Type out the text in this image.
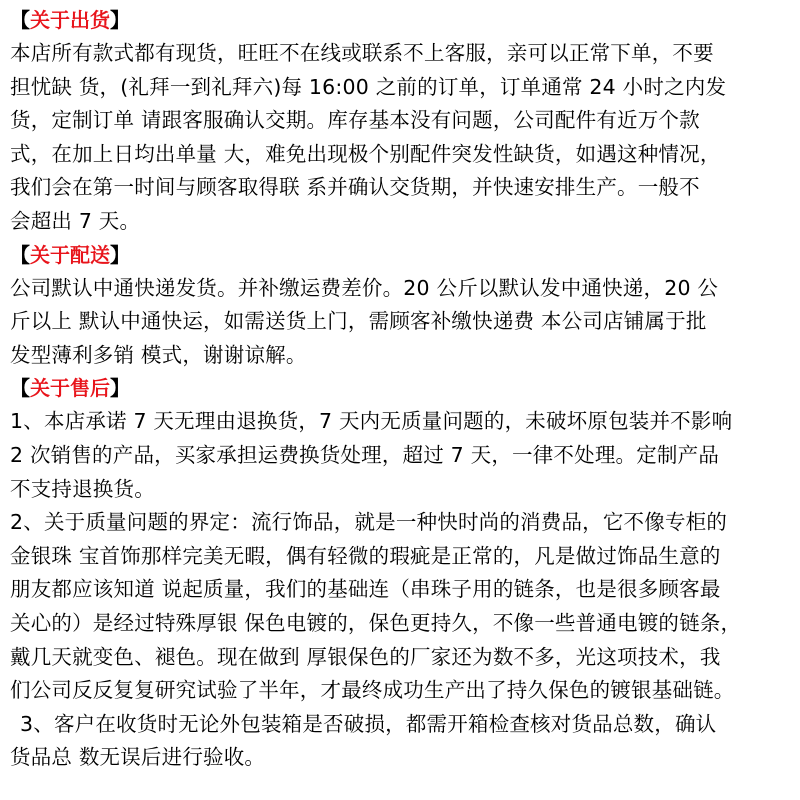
【关于出货】
本店所有款式都有现货，旺旺不在线或联系不上客服，亲可以正常下单，不要
担忧缺 货，(礼拜一到礼拜六)每 16:00 之前的订单，订单通常 24 小时之内发
货，定制订单 请跟客服确认交期。库存基本没有问题，公司配件有近万个款
式，在加上日均出单量 大，难免出现极个别配件突发性缺货，如遇这种情况，
我们会在第一时间与顾客取得联 系并确认交货期，并快速安排生产。一般不
会超出 7 天。
【关于配送】
公司默认中通快递发货。并补缴运费差价。20 公斤以默认发中通快递，20 公
斤以上 默认中通快运，如需送货上门，需顾客补缴快递费 本公司店铺属于批
发型薄利多销 模式，谢谢谅解。
【关于售后】
1、本店承诺 7 天无理由退换货，7 天内无质量问题的，未破坏原包装并不影响
2 次销售的产品，买家承担运费换货处理，超过 7 天，一律不处理。定制产品
不支持退换货。
2、关于质量问题的界定：流行饰品，就是一种快时尚的消费品，它不像专柜的
金银珠 宝首饰那样完美无暇，偶有轻微的瑕疵是正常的，凡是做过饰品生意的
朋友都应该知道 说起质量，我们的基础连（串珠子用的链条，也是很多顾客最
关心的）是经过特殊厚银 保色电镀的，保色更持久，不像一些普通电镀的链条，
戴几天就变色、褪色。现在做到 厚银保色的厂家还为数不多，光这项技术，我
们公司反反复复研究试验了半年，才最终成功生产出了持久保色的镀银基础链。
3、客户在收货时无论外包装箱是否破损，都需开箱检查核对货品总数，确认
货品总 数无误后进行验收。
